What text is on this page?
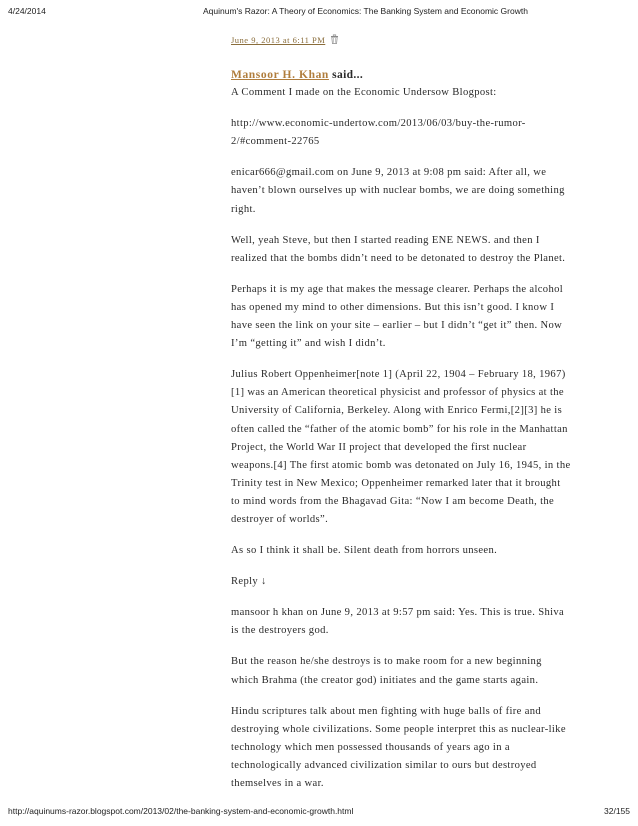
4/24/2014	Aquinum's Razor: A Theory of Economics: The Banking System and Economic Growth
June 9, 2013 at 6:11 PM
Mansoor H. Khan said...

A Comment I made on the Economic Undersow Blogpost:

http://www.economic-undertow.com/2013/06/03/buy-the-rumor-2/#comment-22765

enicar666@gmail.com on June 9, 2013 at 9:08 pm said: After all, we haven’t blown ourselves up with nuclear bombs, we are doing something right.

Well, yeah Steve, but then I started reading ENE NEWS. and then I realized that the bombs didn’t need to be detonated to destroy the Planet.

Perhaps it is my age that makes the message clearer. Perhaps the alcohol has opened my mind to other dimensions. But this isn’t good. I know I have seen the link on your site – earlier – but I didn’t “get it” then. Now I’m “getting it” and wish I didn’t.

Julius Robert Oppenheimer[note 1] (April 22, 1904 – February 18, 1967)[1] was an American theoretical physicist and professor of physics at the University of California, Berkeley. Along with Enrico Fermi,[2][3] he is often called the “father of the atomic bomb” for his role in the Manhattan Project, the World War II project that developed the first nuclear weapons.[4] The first atomic bomb was detonated on July 16, 1945, in the Trinity test in New Mexico; Oppenheimer remarked later that it brought to mind words from the Bhagavad Gita: “Now I am become Death, the destroyer of worlds”.

As so I think it shall be. Silent death from horrors unseen.

Reply ↓

mansoor h khan on June 9, 2013 at 9:57 pm said: Yes. This is true. Shiva is the destroyers god.

But the reason he/she destroys is to make room for a new beginning which Brahma (the creator god) initiates and the game starts again.

Hindu scriptures talk about men fighting with huge balls of fire and destroying whole civilizations. Some people interpret this as nuclear-like technology which men possessed thousands of years ago in a technologically advanced civilization similar to ours but destroyed themselves in a war.

http://aquinums-razor.blogspot.com/2013/02/the-banking-system-and-economic-growth.html	32/155
